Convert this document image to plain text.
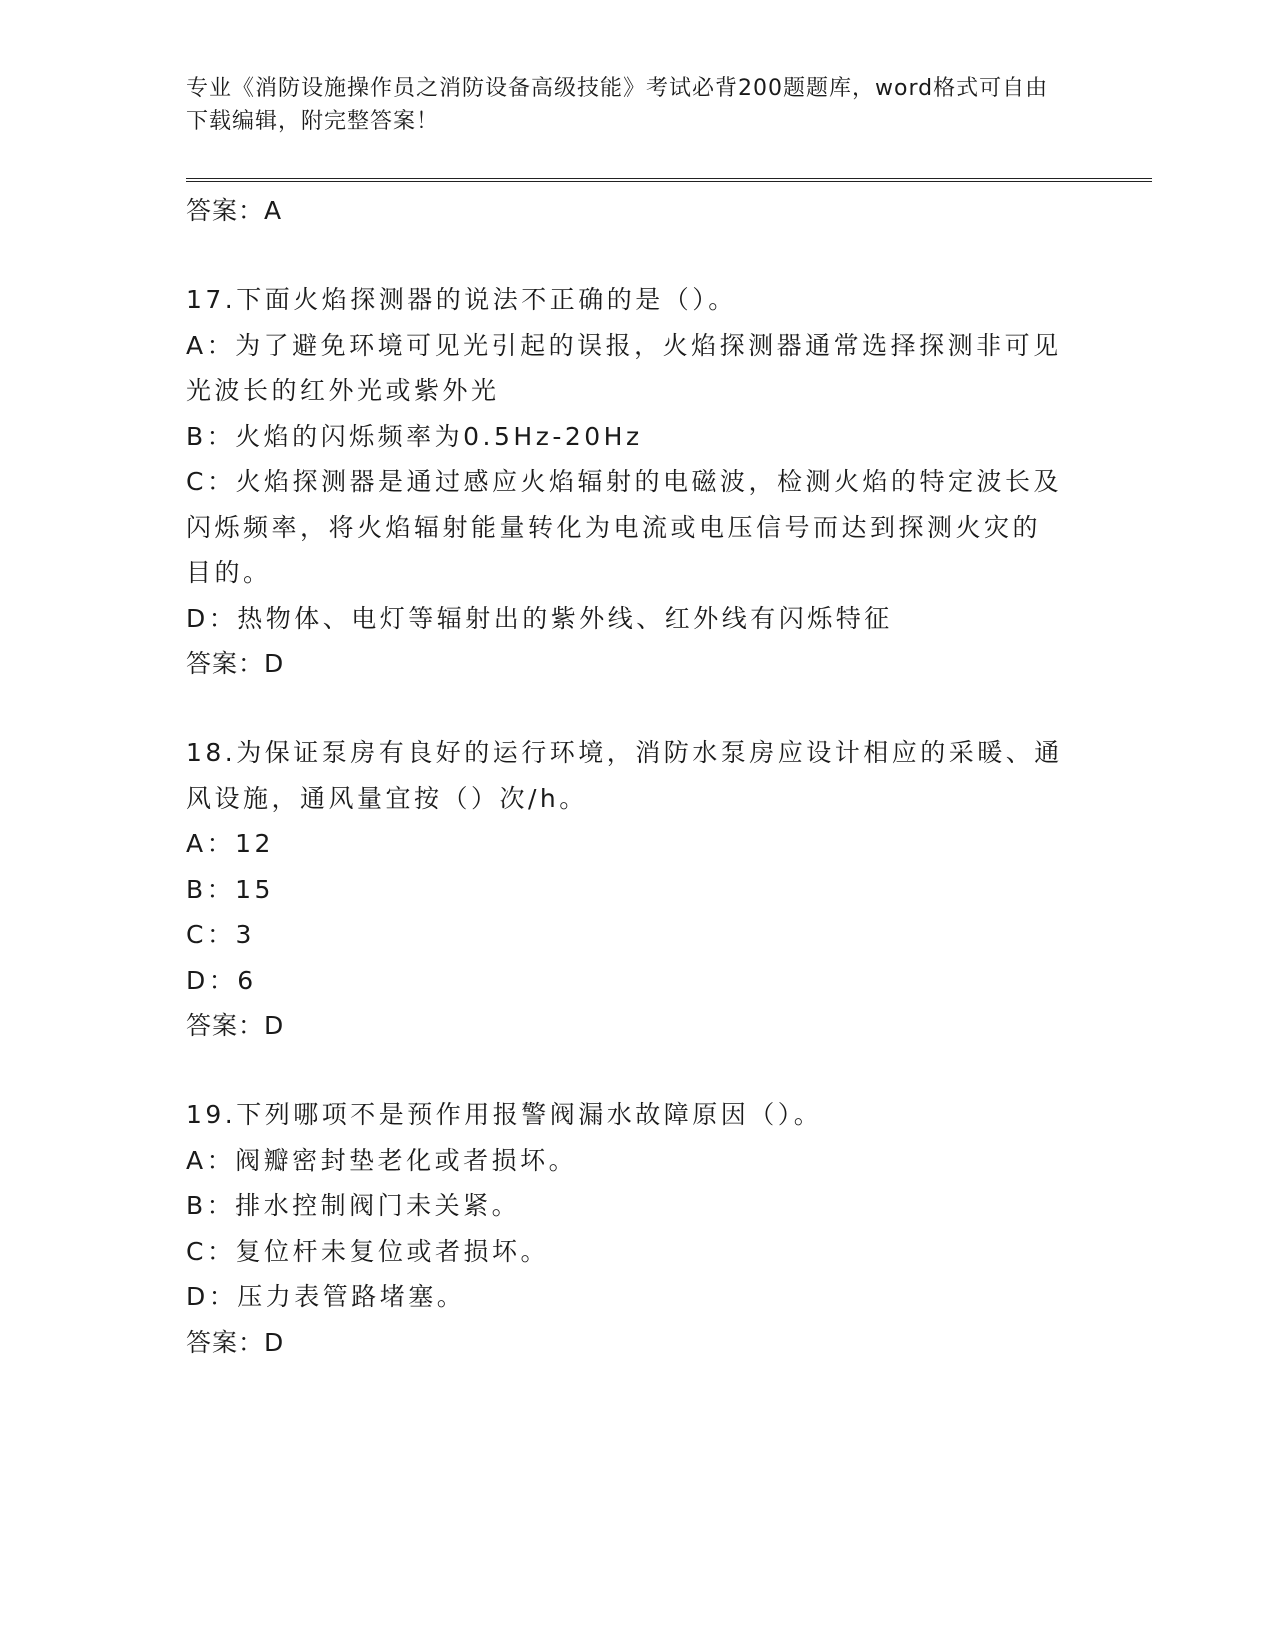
专业《消防设施操作员之消防设备高级技能》考试必背200题题库，word格式可自由下载编辑，附完整答案！

答案：A

17.下面火焰探测器的说法不正确的是（）。

A：为了避免环境可见光引起的误报，火焰探测器通常选择探测非可见光波长的红外光或紫外光

B：火焰的闪烁频率为0.5Hz-20Hz

C：火焰探测器是通过感应火焰辐射的电磁波，检测火焰的特定波长及闪烁频率，将火焰辐射能量转化为电流或电压信号而达到探测火灾的目的。

D：热物体、电灯等辐射出的紫外线、红外线有闪烁特征

答案：D

18.为保证泵房有良好的运行环境，消防水泵房应设计相应的采暖、通风设施，通风量宜按（）次/h。

A：12

B：15

C：3

D：6

答案：D

19.下列哪项不是预作用报警阀漏水故障原因（）。

A：阀瓣密封垫老化或者损坏。

B：排水控制阀门未关紧。

C：复位杆未复位或者损坏。

D：压力表管路堵塞。

答案：D
